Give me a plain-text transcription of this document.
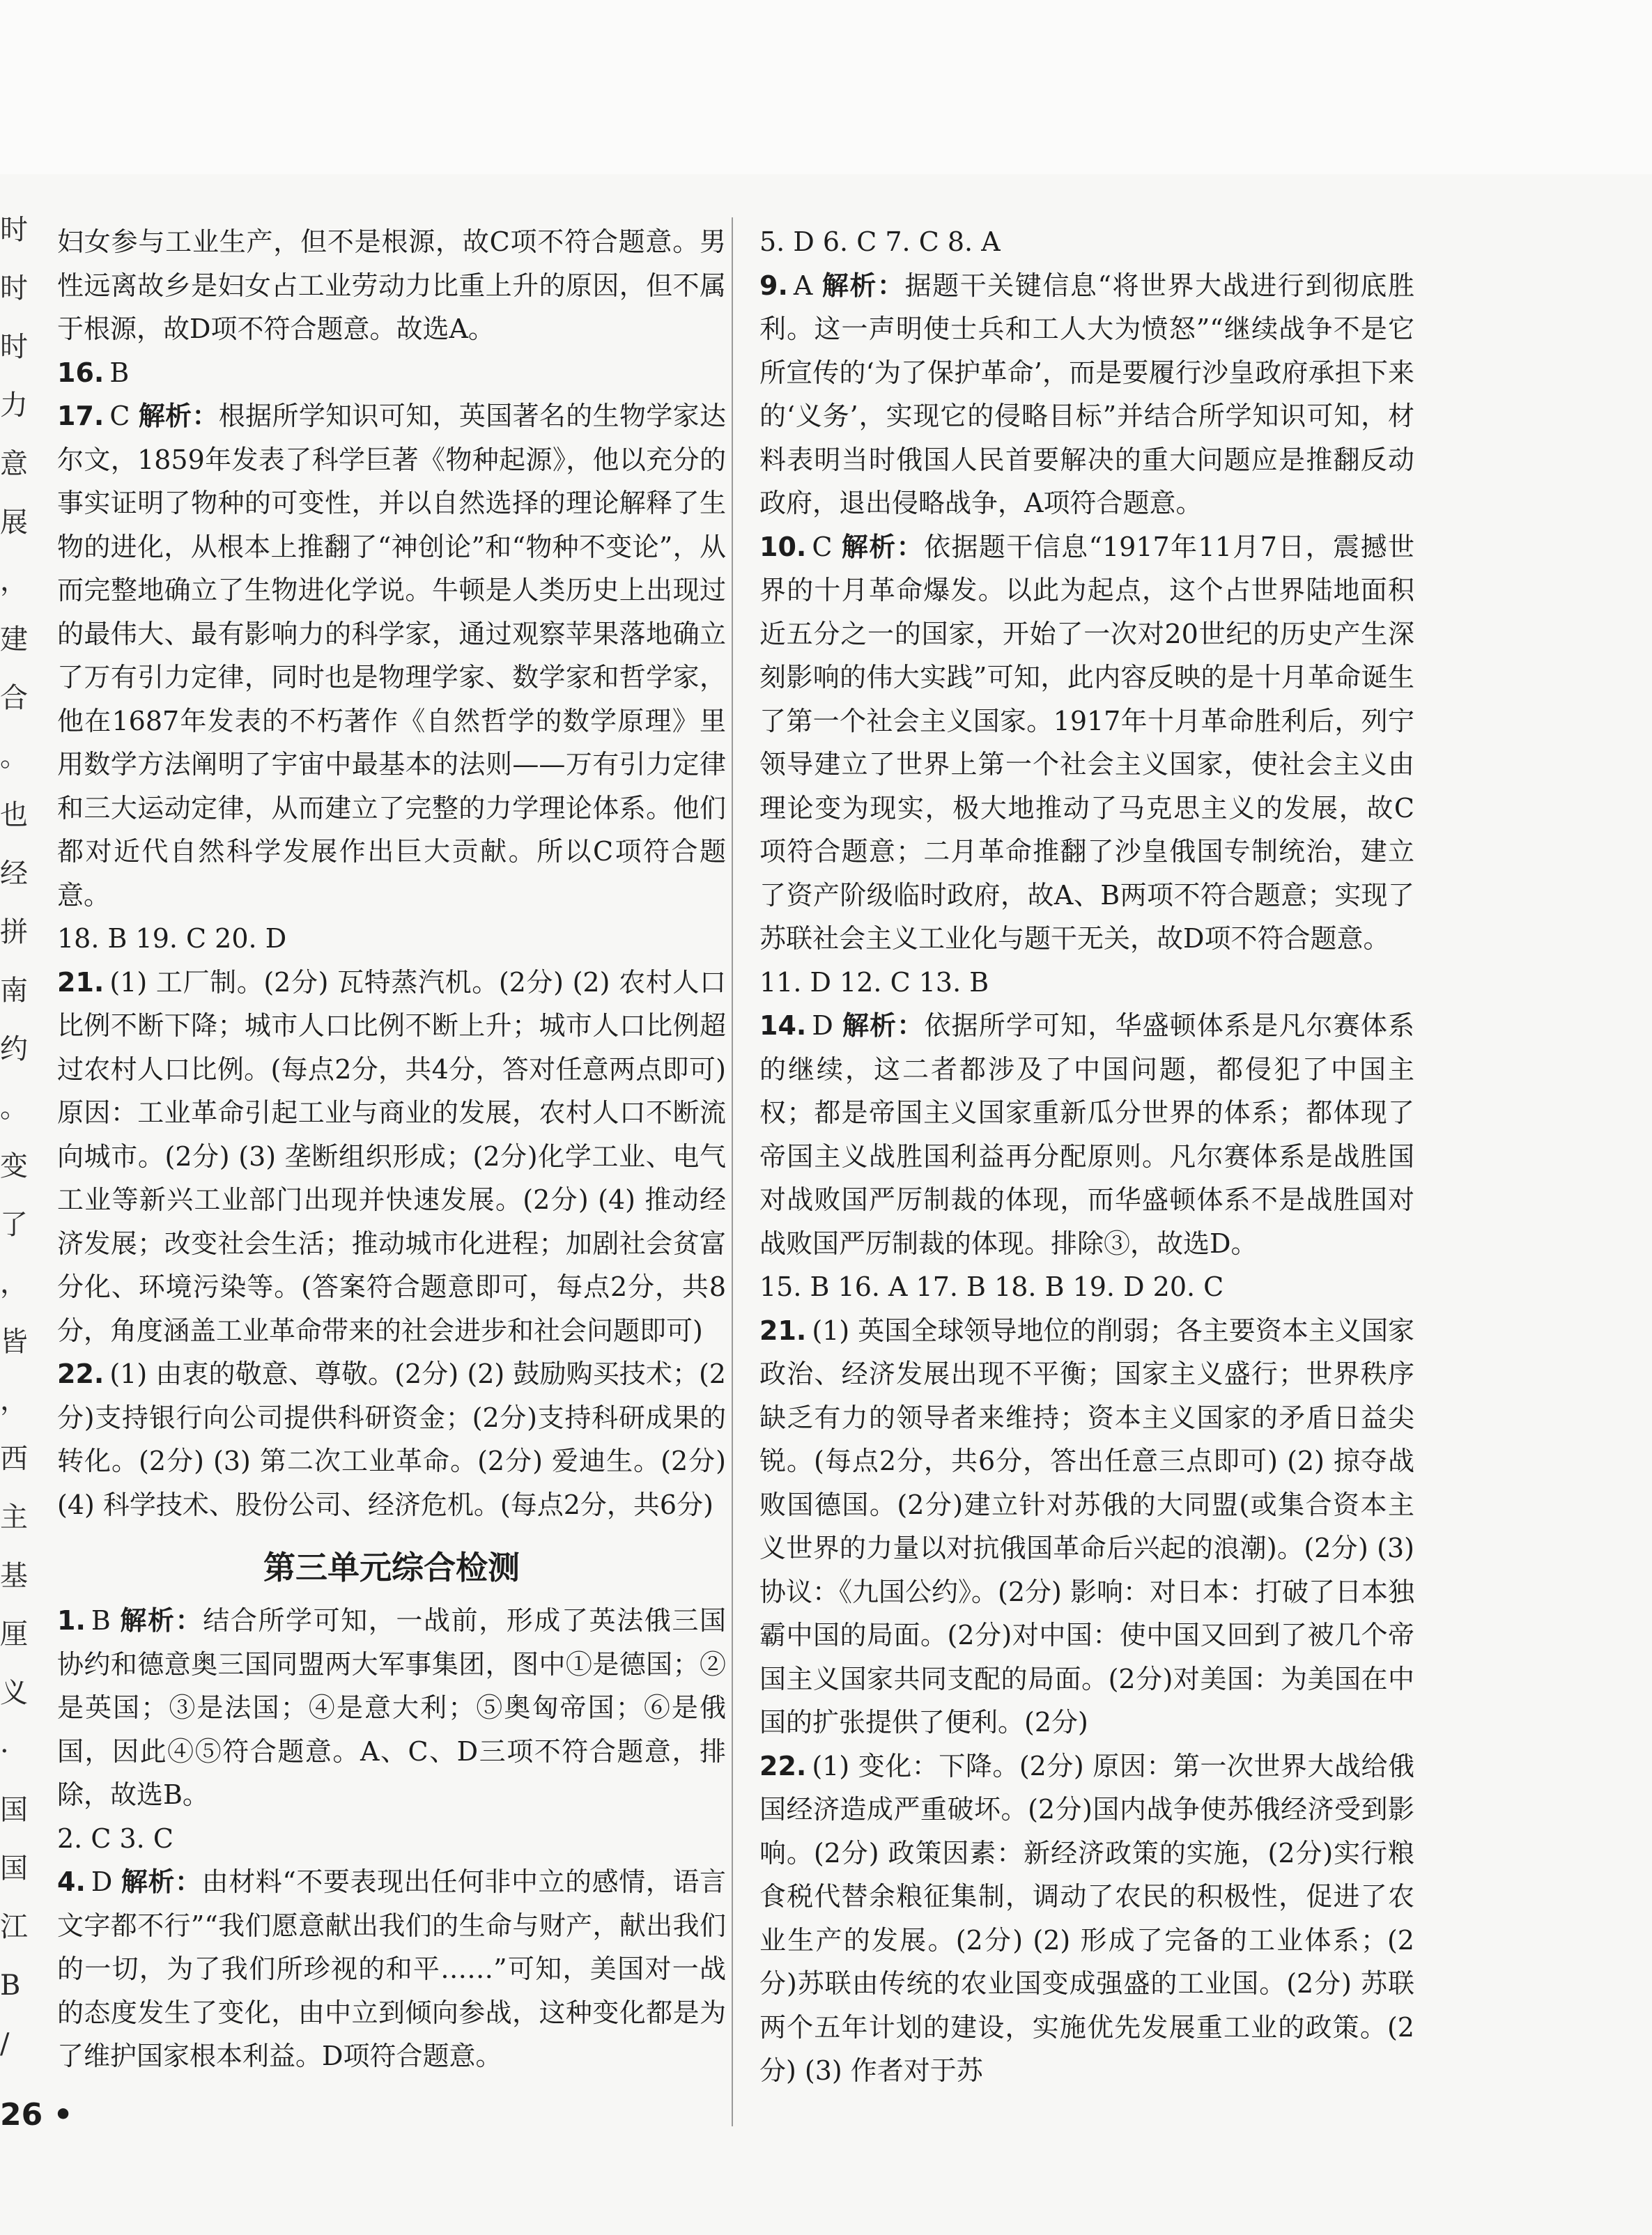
时
时
时
力
意
展
，
建
合
。
也
经
拼
南
约
。
变
了
，
皆
，
西
主
基
厘
义
·
国
国
江
B
/

妇女参与工业生产，但不是根源，故C项不符合题意。男性远离故乡是妇女占工业劳动力比重上升的原因，但不属于根源，故D项不符合题意。故选A。

16. B

17. C 解析：根据所学知识可知，英国著名的生物学家达尔文，1859年发表了科学巨著《物种起源》，他以充分的事实证明了物种的可变性，并以自然选择的理论解释了生物的进化，从根本上推翻了“神创论”和“物种不变论”，从而完整地确立了生物进化学说。牛顿是人类历史上出现过的最伟大、最有影响力的科学家，通过观察苹果落地确立了万有引力定律，同时也是物理学家、数学家和哲学家，他在1687年发表的不朽著作《自然哲学的数学原理》里用数学方法阐明了宇宙中最基本的法则——万有引力定律和三大运动定律，从而建立了完整的力学理论体系。他们都对近代自然科学发展作出巨大贡献。所以C项符合题意。

18. B 19. C 20. D

21. (1) 工厂制。(2分) 瓦特蒸汽机。(2分) (2) 农村人口比例不断下降；城市人口比例不断上升；城市人口比例超过农村人口比例。(每点2分，共4分，答对任意两点即可) 原因：工业革命引起工业与商业的发展，农村人口不断流向城市。(2分) (3) 垄断组织形成；(2分)化学工业、电气工业等新兴工业部门出现并快速发展。(2分) (4) 推动经济发展；改变社会生活；推动城市化进程；加剧社会贫富分化、环境污染等。(答案符合题意即可，每点2分，共8分，角度涵盖工业革命带来的社会进步和社会问题即可)

22. (1) 由衷的敬意、尊敬。(2分) (2) 鼓励购买技术；(2分)支持银行向公司提供科研资金；(2分)支持科研成果的转化。(2分) (3) 第二次工业革命。(2分) 爱迪生。(2分) (4) 科学技术、股份公司、经济危机。(每点2分，共6分)

第三单元综合检测

1. B 解析：结合所学可知，一战前，形成了英法俄三国协约和德意奥三国同盟两大军事集团，图中①是德国；②是英国；③是法国；④是意大利；⑤奥匈帝国；⑥是俄国，因此④⑤符合题意。A、C、D三项不符合题意，排除，故选B。

2. C 3. C

4. D 解析：由材料“不要表现出任何非中立的感情，语言文字都不行”“我们愿意献出我们的生命与财产，献出我们的一切，为了我们所珍视的和平……”可知，美国对一战的态度发生了变化，由中立到倾向参战，这种变化都是为了维护国家根本利益。D项符合题意。

5. D 6. C 7. C 8. A

9. A 解析：据题干关键信息“将世界大战进行到彻底胜利。这一声明使士兵和工人大为愤怒”“继续战争不是它所宣传的‘为了保护革命’，而是要履行沙皇政府承担下来的‘义务’，实现它的侵略目标”并结合所学知识可知，材料表明当时俄国人民首要解决的重大问题应是推翻反动政府，退出侵略战争，A项符合题意。

10. C 解析：依据题干信息“1917年11月7日，震撼世界的十月革命爆发。以此为起点，这个占世界陆地面积近五分之一的国家，开始了一次对20世纪的历史产生深刻影响的伟大实践”可知，此内容反映的是十月革命诞生了第一个社会主义国家。1917年十月革命胜利后，列宁领导建立了世界上第一个社会主义国家，使社会主义由理论变为现实，极大地推动了马克思主义的发展，故C项符合题意；二月革命推翻了沙皇俄国专制统治，建立了资产阶级临时政府，故A、B两项不符合题意；实现了苏联社会主义工业化与题干无关，故D项不符合题意。

11. D 12. C 13. B

14. D 解析：依据所学可知，华盛顿体系是凡尔赛体系的继续，这二者都涉及了中国问题，都侵犯了中国主权；都是帝国主义国家重新瓜分世界的体系；都体现了帝国主义战胜国利益再分配原则。凡尔赛体系是战胜国对战败国严厉制裁的体现，而华盛顿体系不是战胜国对战败国严厉制裁的体现。排除③，故选D。

15. B 16. A 17. B 18. B 19. D 20. C

21. (1) 英国全球领导地位的削弱；各主要资本主义国家政治、经济发展出现不平衡；国家主义盛行；世界秩序缺乏有力的领导者来维持；资本主义国家的矛盾日益尖锐。(每点2分，共6分，答出任意三点即可) (2) 掠夺战败国德国。(2分)建立针对苏俄的大同盟(或集合资本主义世界的力量以对抗俄国革命后兴起的浪潮)。(2分) (3) 协议：《九国公约》。(2分) 影响：对日本：打破了日本独霸中国的局面。(2分)对中国：使中国又回到了被几个帝国主义国家共同支配的局面。(2分)对美国：为美国在中国的扩张提供了便利。(2分)

22. (1) 变化：下降。(2分) 原因：第一次世界大战给俄国经济造成严重破坏。(2分)国内战争使苏俄经济受到影响。(2分) 政策因素：新经济政策的实施，(2分)实行粮食税代替余粮征集制，调动了农民的积极性，促进了农业生产的发展。(2分) (2) 形成了完备的工业体系；(2分)苏联由传统的农业国变成强盛的工业国。(2分) 苏联两个五年计划的建设，实施优先发展重工业的政策。(2分) (3) 作者对于苏

26 •
